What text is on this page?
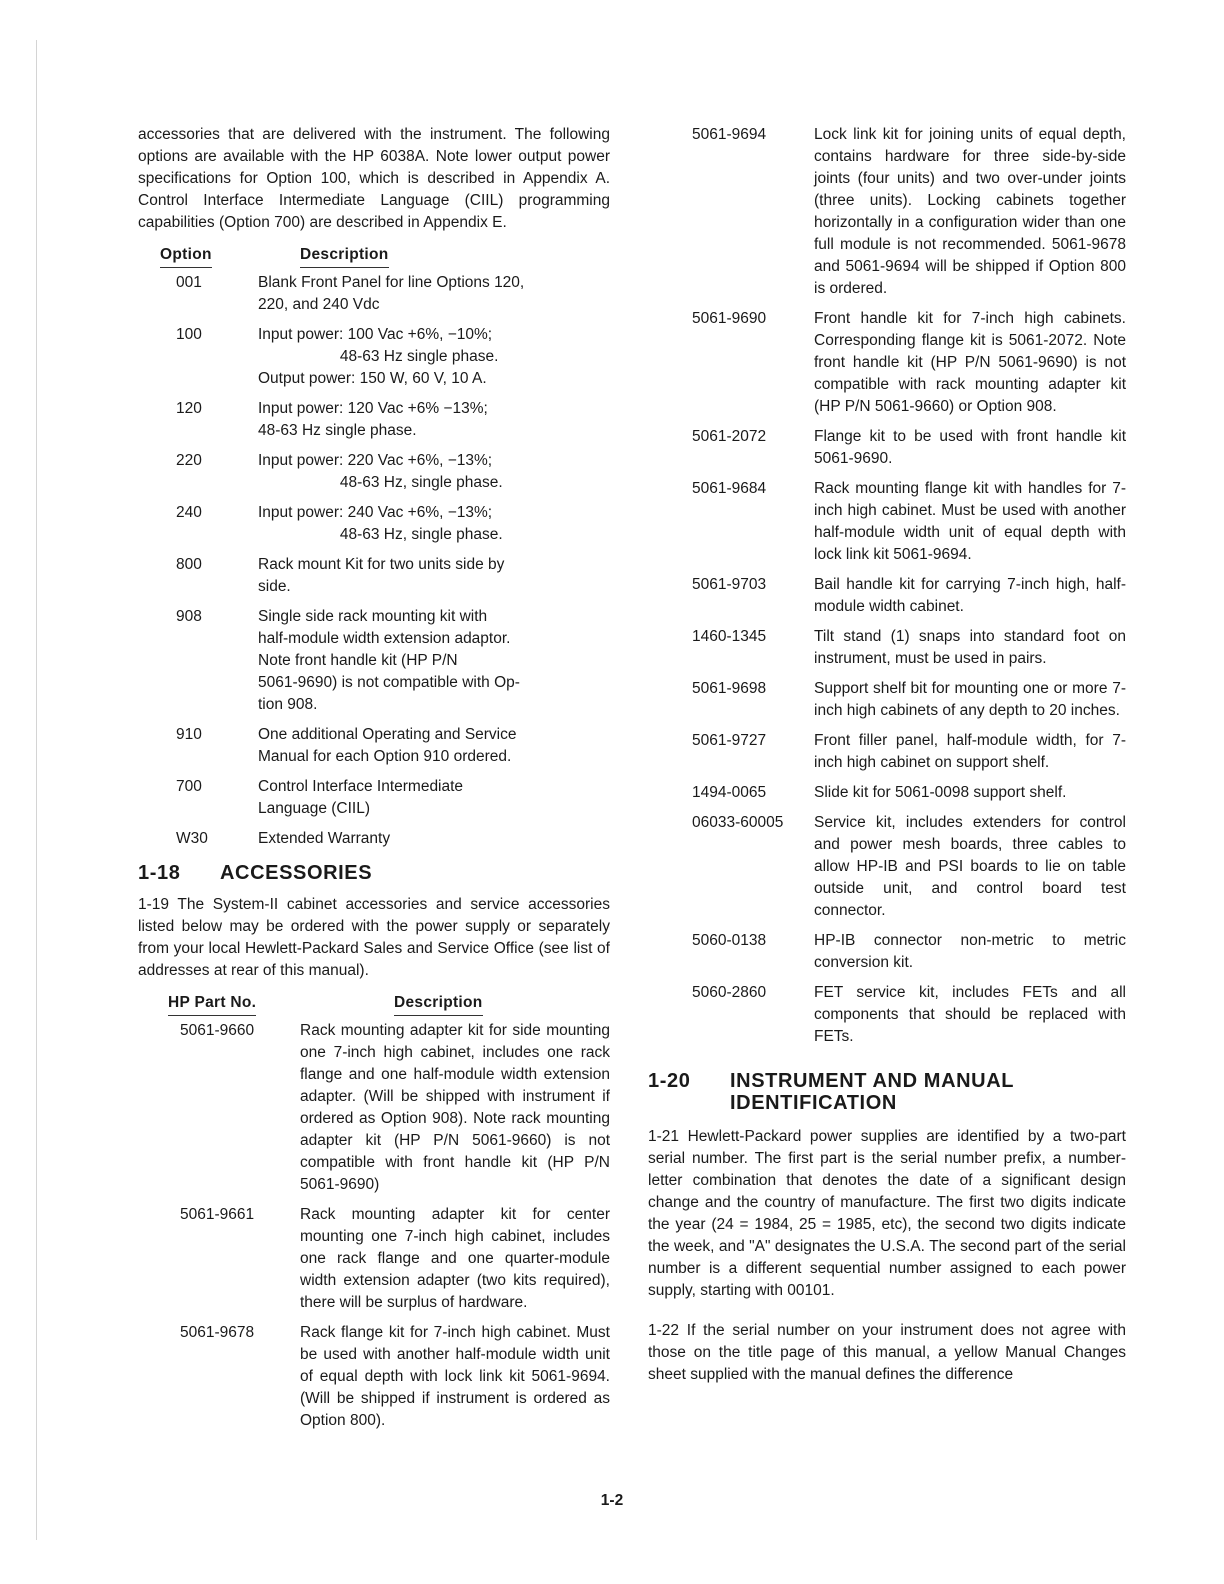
accessories that are delivered with the instrument. The following options are available with the HP 6038A. Note lower output power specifications for Option 100, which is described in Appendix A. Control Interface Intermediate Language (CIIL) programming capabilities (Option 700) are described in Appendix E.

Option	Description
001	Blank Front Panel for line Options 120,
220, and 240 Vdc
100	Input power: 100 Vac +6%, −10%;
48-63 Hz single phase.
Output power: 150 W, 60 V, 10 A.
120	Input power: 120 Vac +6% −13%;
48-63 Hz single phase.
220	Input power: 220 Vac +6%, −13%;
48-63 Hz, single phase.
240	Input power: 240 Vac +6%, −13%;
48-63 Hz, single phase.
800	Rack mount Kit for two units side by
side.
908	Single side rack mounting kit with
half-module width extension adaptor.
Note front handle kit (HP P/N
5061-9690) is not compatible with Op-
tion 908.
910	One additional Operating and Service
Manual for each Option 910 ordered.
700	Control Interface Intermediate
Language (CIIL)
W30	Extended Warranty
1-18	ACCESSORIES

1-19 The System-II cabinet accessories and service accessories listed below may be ordered with the power supply or separately from your local Hewlett-Packard Sales and Service Office (see list of addresses at rear of this manual).

HP Part No.	Description
5061-9660	Rack mounting adapter kit for side mounting one 7-inch high cabinet, includes one rack flange and one half-module width extension adapter. (Will be shipped with instrument if ordered as Option 908). Note rack mounting adapter kit (HP P/N 5061-9660) is not compatible with front handle kit (HP P/N 5061-9690)
5061-9661	Rack mounting adapter kit for center mounting one 7-inch high cabinet, includes one rack flange and one quarter-module width extension adapter (two kits required), there will be surplus of hardware.
5061-9678	Rack flange kit for 7-inch high cabinet. Must be used with another half-module width unit of equal depth with lock link kit 5061-9694. (Will be shipped if instrument is ordered as Option 800).
5061-9694	Lock link kit for joining units of equal depth, contains hardware for three side-by-side joints (four units) and two over-under joints (three units). Locking cabinets together horizontally in a configuration wider than one full module is not recommended. 5061-9678 and 5061-9694 will be shipped if Option 800 is ordered.
5061-9690	Front handle kit for 7-inch high cabinets. Corresponding flange kit is 5061-2072. Note front handle kit (HP P/N 5061-9690) is not compatible with rack mounting adapter kit (HP P/N 5061-9660) or Option 908.
5061-2072	Flange kit to be used with front handle kit 5061-9690.
5061-9684	Rack mounting flange kit with handles for 7-inch high cabinet. Must be used with another half-module width unit of equal depth with lock link kit 5061-9694.
5061-9703	Bail handle kit for carrying 7-inch high, half-module width cabinet.
1460-1345	Tilt stand (1) snaps into standard foot on instrument, must be used in pairs.
5061-9698	Support shelf bit for mounting one or more 7-inch high cabinets of any depth to 20 inches.
5061-9727	Front filler panel, half-module width, for 7-inch high cabinet on support shelf.
1494-0065	Slide kit for 5061-0098 support shelf.
06033-60005	Service kit, includes extenders for control and power mesh boards, three cables to allow HP-IB and PSI boards to lie on table outside unit, and control board test connector.
5060-0138	HP-IB connector non-metric to metric conversion kit.
5060-2860	FET service kit, includes FETs and all components that should be replaced with FETs.
1-20	INSTRUMENT AND MANUAL
IDENTIFICATION

1-21 Hewlett-Packard power supplies are identified by a two-part serial number. The first part is the serial number prefix, a number-letter combination that denotes the date of a significant design change and the country of manufacture. The first two digits indicate the year (24 = 1984, 25 = 1985, etc), the second two digits indicate the week, and "A" designates the U.S.A. The second part of the serial number is a different sequential number assigned to each power supply, starting with 00101.

1-22 If the serial number on your instrument does not agree with those on the title page of this manual, a yellow Manual Changes sheet supplied with the manual defines the difference

1-2
